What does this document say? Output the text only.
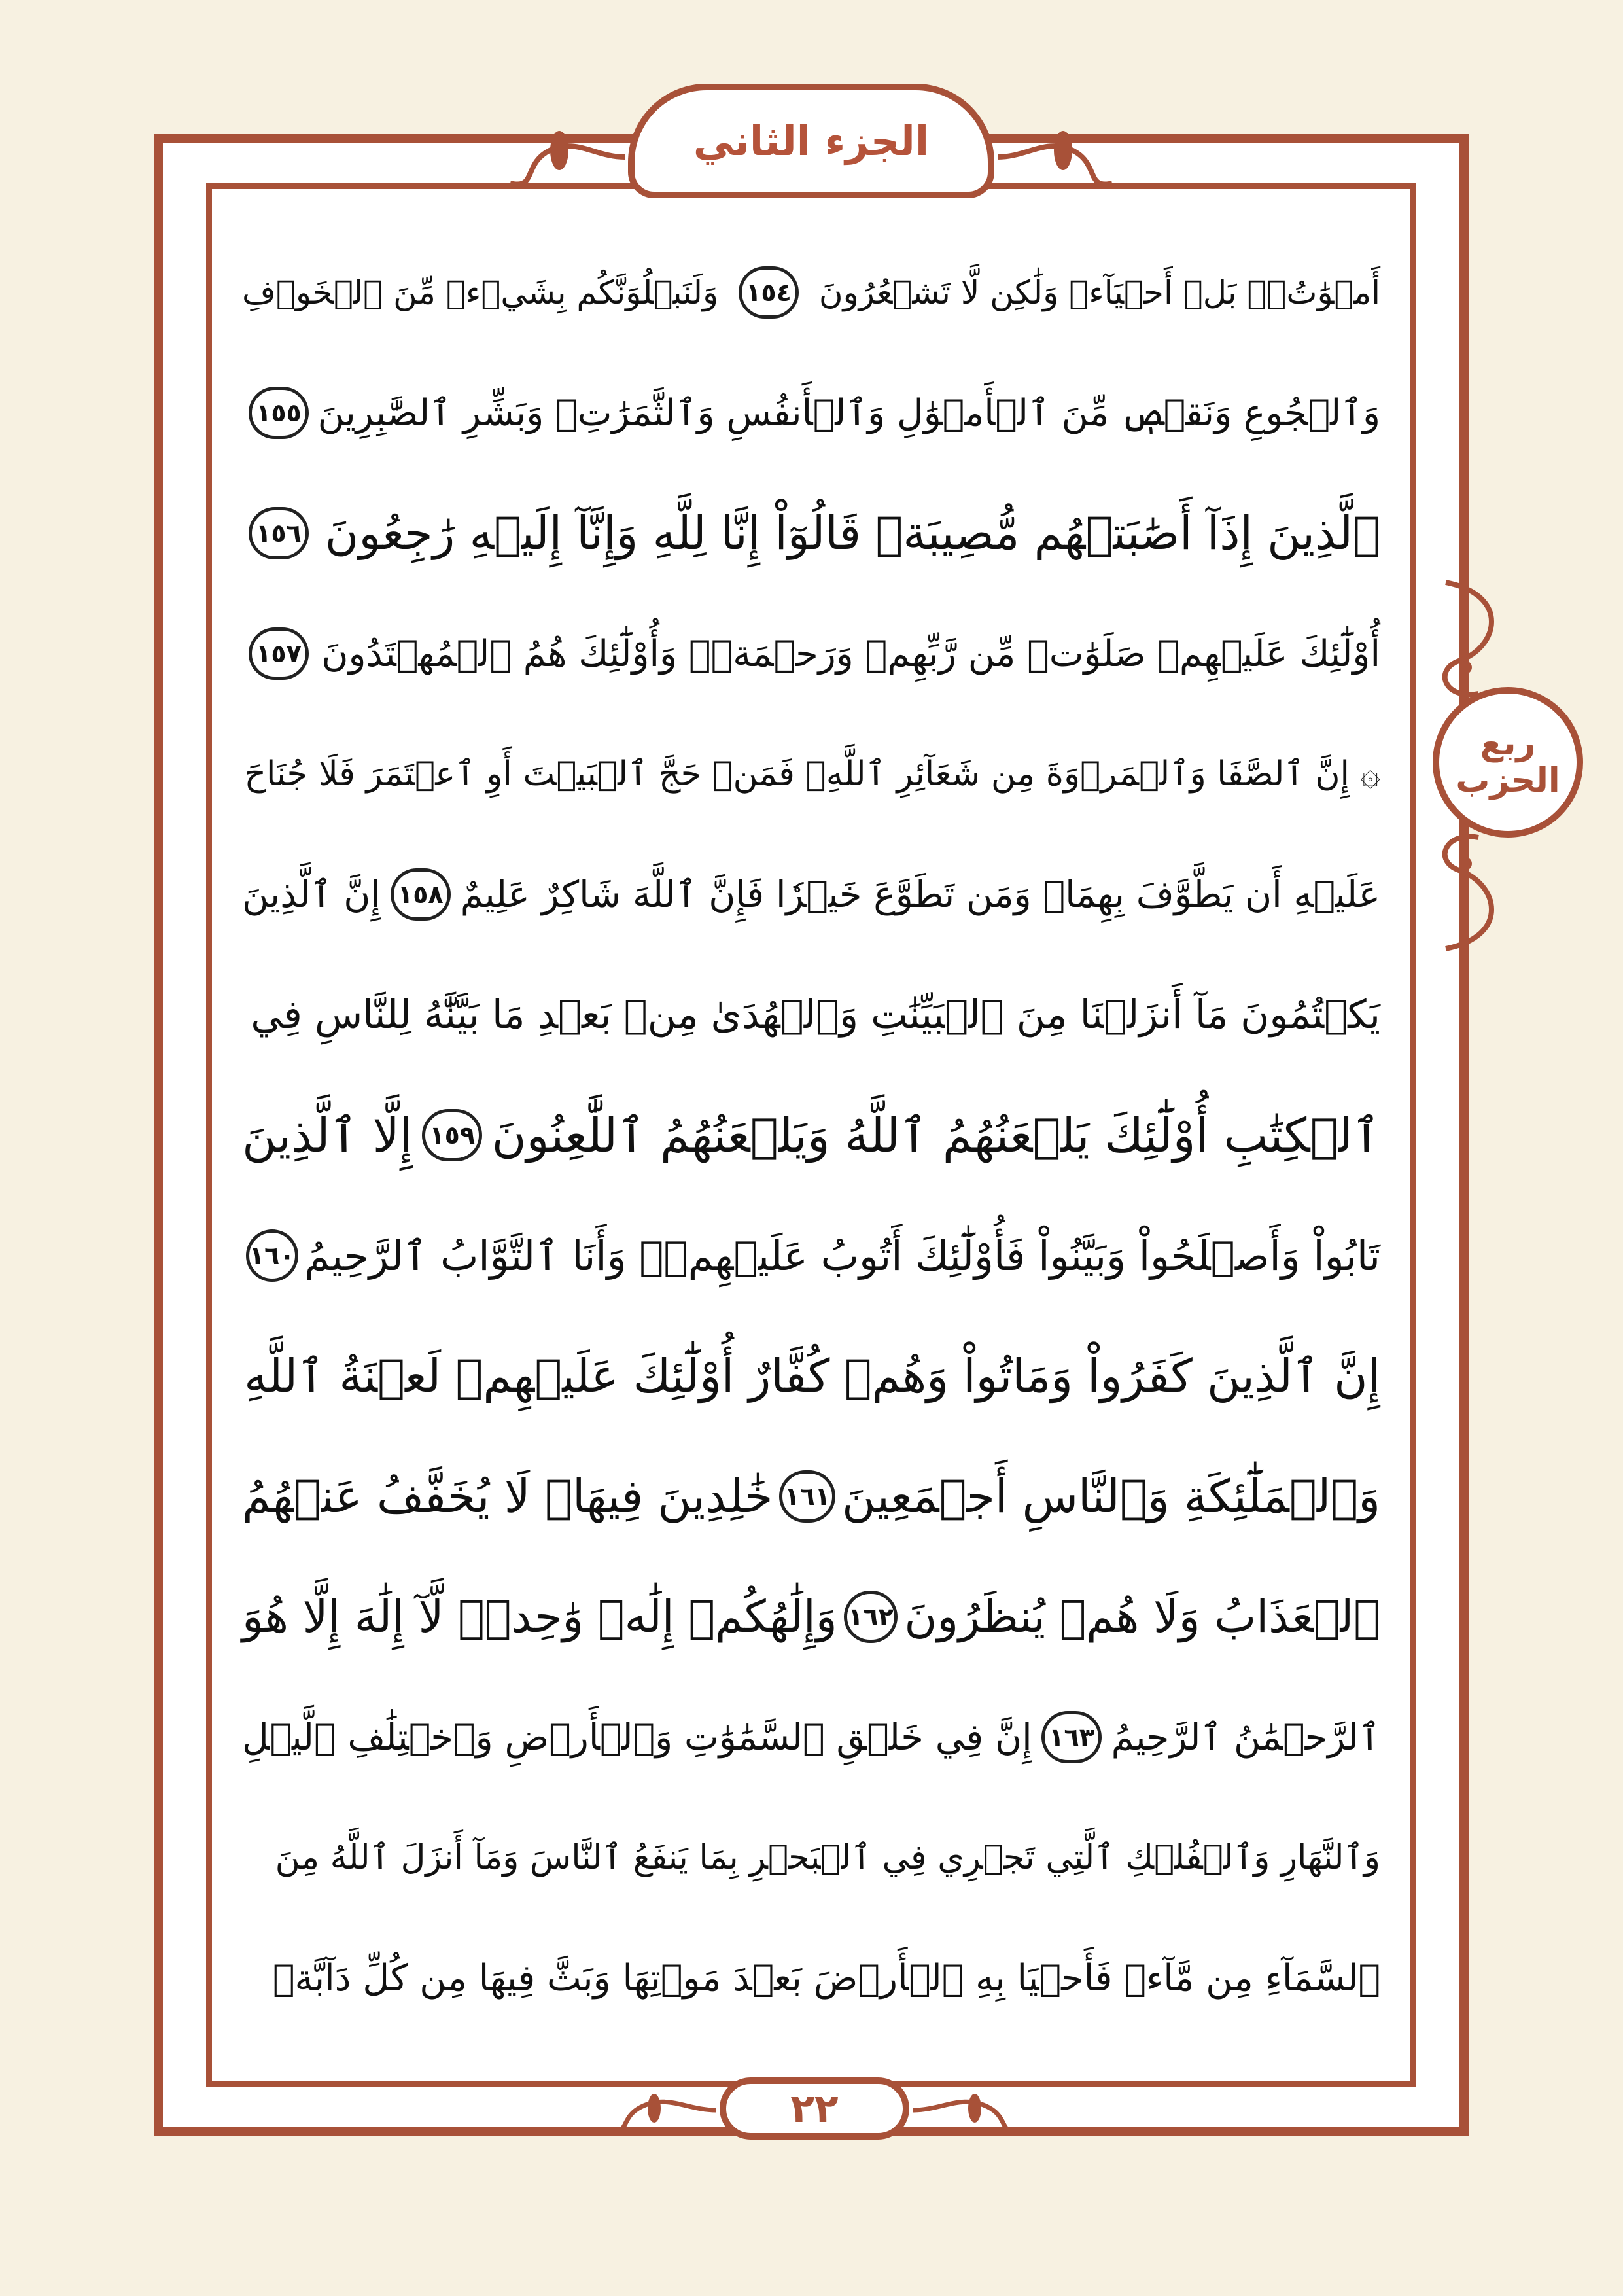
الجزء الثاني
ربع الحزب
أَمۡوَٰتُۢۚ بَلۡ أَحۡيَآءٞ وَلَٰكِن لَّا تَشۡعُرُونَ
١٥٤
وَلَنَبۡلُوَنَّكُم بِشَيۡءٖ مِّنَ ٱلۡخَوۡفِ
وَٱلۡجُوعِ وَنَقۡصٖ مِّنَ ٱلۡأَمۡوَٰلِ وَٱلۡأَنفُسِ وَٱلثَّمَرَٰتِۗ وَبَشِّرِ ٱلصَّٰبِرِينَ
١٥٥
ٱلَّذِينَ إِذَآ أَصَٰبَتۡهُم مُّصِيبَةٞ قَالُوٓاْ إِنَّا لِلَّهِ وَإِنَّآ إِلَيۡهِ رَٰجِعُونَ
١٥٦
أُوْلَٰٓئِكَ عَلَيۡهِمۡ صَلَوَٰتٞ مِّن رَّبِّهِمۡ وَرَحۡمَةٞۖ وَأُوْلَٰٓئِكَ هُمُ ٱلۡمُهۡتَدُونَ
١٥٧
۞ إِنَّ ٱلصَّفَا وَٱلۡمَرۡوَةَ مِن شَعَآئِرِ ٱللَّهِۖ فَمَنۡ حَجَّ ٱلۡبَيۡتَ أَوِ ٱعۡتَمَرَ فَلَا جُنَاحَ
عَلَيۡهِ أَن يَطَّوَّفَ بِهِمَاۚ وَمَن تَطَوَّعَ خَيۡرٗا فَإِنَّ ٱللَّهَ شَاكِرٌ عَلِيمٌ
١٥٨
إِنَّ ٱلَّذِينَ
يَكۡتُمُونَ مَآ أَنزَلۡنَا مِنَ ٱلۡبَيِّنَٰتِ وَٱلۡهُدَىٰ مِنۢ بَعۡدِ مَا بَيَّنَّٰهُ لِلنَّاسِ فِي
ٱلۡكِتَٰبِ أُوْلَٰٓئِكَ يَلۡعَنُهُمُ ٱللَّهُ وَيَلۡعَنُهُمُ ٱللَّٰعِنُونَ
١٥٩
إِلَّا ٱلَّذِينَ
تَابُواْ وَأَصۡلَحُواْ وَبَيَّنُواْ فَأُوْلَٰٓئِكَ أَتُوبُ عَلَيۡهِمۡۚ وَأَنَا ٱلتَّوَّابُ ٱلرَّحِيمُ
١٦٠
إِنَّ ٱلَّذِينَ كَفَرُواْ وَمَاتُواْ وَهُمۡ كُفَّارٌ أُوْلَٰٓئِكَ عَلَيۡهِمۡ لَعۡنَةُ ٱللَّهِ
وَٱلۡمَلَٰٓئِكَةِ وَٱلنَّاسِ أَجۡمَعِينَ
١٦١
خَٰلِدِينَ فِيهَاۖ لَا يُخَفَّفُ عَنۡهُمُ
ٱلۡعَذَابُ وَلَا هُمۡ يُنظَرُونَ
١٦٢
وَإِلَٰهُكُمۡ إِلَٰهٞ وَٰحِدٞۖ لَّآ إِلَٰهَ إِلَّا هُوَ
ٱلرَّحۡمَٰنُ ٱلرَّحِيمُ
١٦٣
إِنَّ فِي خَلۡقِ ٱلسَّمَٰوَٰتِ وَٱلۡأَرۡضِ وَٱخۡتِلَٰفِ ٱلَّيۡلِ
وَٱلنَّهَارِ وَٱلۡفُلۡكِ ٱلَّتِي تَجۡرِي فِي ٱلۡبَحۡرِ بِمَا يَنفَعُ ٱلنَّاسَ وَمَآ أَنزَلَ ٱللَّهُ مِنَ
ٱلسَّمَآءِ مِن مَّآءٖ فَأَحۡيَا بِهِ ٱلۡأَرۡضَ بَعۡدَ مَوۡتِهَا وَبَثَّ فِيهَا مِن كُلِّ دَآبَّةٖ
٢٢
